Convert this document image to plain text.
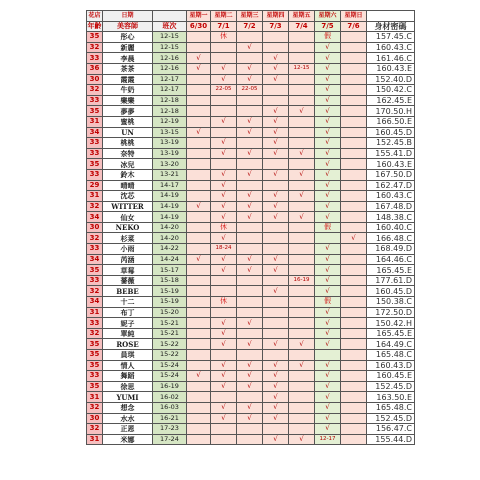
花店	日期		星期一	星期二	星期三	星期四	星期五	星期六	星期日	
年齡	美容師	班次	6/30	7/1	7/2	7/3	7/4	7/5	7/6	身材密碼
35	彤心	12-15		休				假		157.45.C
32	新麗	12-15			√			√		160.43.C
33	李晨	12-16	√			√		√		161.46.C
36	茶茶	12-16	√	√	√	√	12-15	√		160.43.E
30	霞霞	12-17		√	√	√		√		152.40.D
32	牛奶	12-17		22-05	22-05			√		150.42.C
33	樂樂	12-18						√		162.45.E
35	夢夢	12-18				√	√	√		170.50.H
31	蜜桃	12-19		√	√	√		√		166.50.E
34	UN	13-15	√		√	√		√		160.45.D
33	桃桃	13-19		√		√		√		152.45.B
33	奈特	13-19		√	√	√	√	√		155.41.D
35	冰兒	13-20						√		160.43.E
33	鈴木	13-21		√	√	√	√	√		167.50.D
29	晴晴	14-17		√				√		162.47.D
31	沈芯	14-19		√	√	√	√	√		160.43.C
32	WITTER	14-19	√	√	√	√		√		167.48.D
34	仙女	14-19		√	√	√	√	√		148.38.C
30	NEKO	14-20		休				假		160.40.C
32	杉菜	14-20		√					√	166.48.C
33	小雨	14-22		18-24				√		168.49.D
34	芮涵	14-24	√	√	√	√		√		164.46.C
35	草莓	15-17		√	√	√		√		165.45.E
33	薔薇	15-18					16-19	√		177.61.D
32	BEBE	15-19				√		√		160.45.D
34	十二	15-19		休				假		150.38.C
31	布丁	15-20						√		172.50.D
33	妮子	15-21		√	√			√		150.42.H
32	單純	15-21		√				√		165.45.E
35	ROSE	15-22		√	√	√	√	√		164.49.C
35	員琪	15-22								165.48.C
35	情人	15-24		√	√	√	√	√		160.43.D
33	舞蹈	15-24	√	√	√	√		√		160.45.E
35	徐思	16-19		√	√	√		√		152.45.D
31	YUMI	16-02				√		√		163.50.E
32	想念	16-03		√	√	√		√		165.48.C
30	水水	16-21		√	√	√		√		152.45.D
32	正恩	17-23						√		156.47.C
31	米娜	17-24				√	√	12-17		155.44.D
